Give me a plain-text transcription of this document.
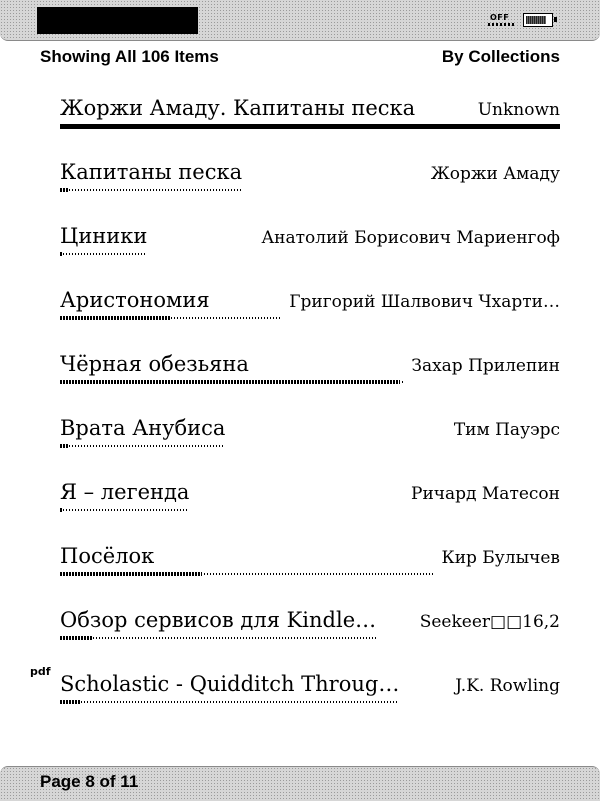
OFF
Showing All 106 Items	By Collections
Жоржи Амаду. Капитаны песка	Unknown
Капитаны песка	Жоржи Амаду
Циники	Анатолий Борисович Мариенгоф
Аристономия	Григорий Шалвович Чхарти…
Чёрная обезьяна	Захар Прилепин
Врата Анубиса	Тим Пауэрс
Я – легенда	Ричард Матесон
Посёлок	Кир Булычев
Обзор сервисов для Kindle…	Seekeer□□16,2
pdf
Scholastic - Quidditch Throug…	J.K. Rowling
Page 8 of 11
